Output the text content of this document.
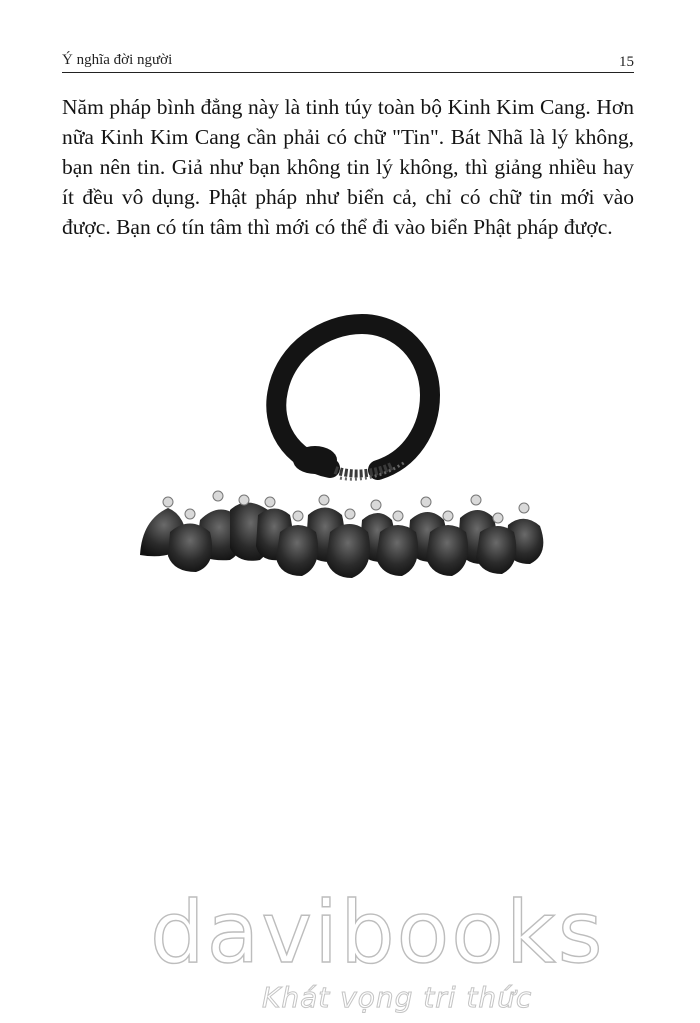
Ý nghĩa đời người	15

Năm pháp bình đẳng này là tinh túy toàn bộ Kinh Kim Cang. Hơn nữa Kinh Kim Cang cần phải có chữ "Tin". Bát Nhã là lý không, bạn nên tin. Giả như bạn không tin lý không, thì giảng nhiều hay ít đều vô dụng. Phật pháp như biển cả, chỉ có chữ tin mới vào được. Bạn có tín tâm thì mới có thể đi vào biển Phật pháp được.

davibooks
Khát vọng tri thức
